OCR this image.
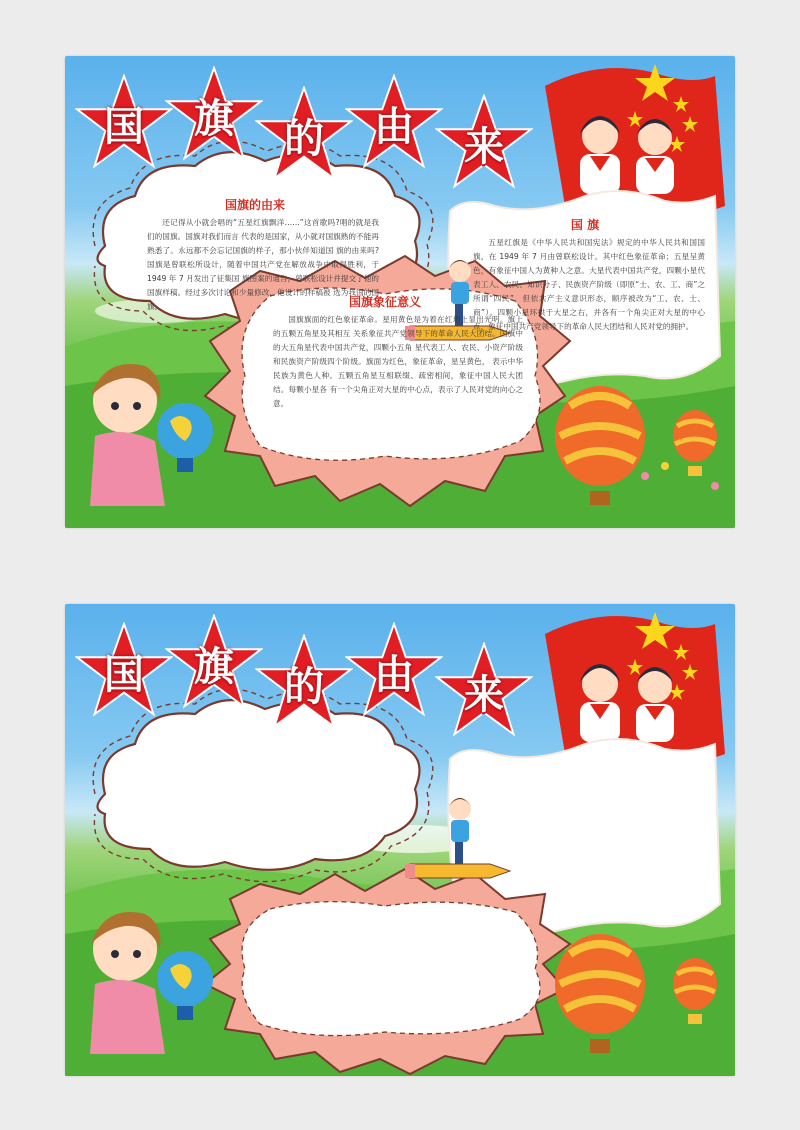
国	旗	的	由	来
国旗的由来
还记得从小就会唱的“五星红旗飘洋……”这首歌吗?唱的就是我们的国旗。国旗对我们而言 代表的是国家，从小就对国旗熟的不能再熟悉了。永远都不会忘记国旗的样子，那小伙伴知道国 旗的由来吗?国旗是曾联松所设计，随着中国共产党在解放战争中取得胜利，于 1949 年 7 月发出了征集国 旗图案的通告，曾联松设计并提交了他的国旗样稿。经过多次讨论和少量修改，他设计的样稿被 选为我国的国旗。
国 旗
五星红旗是《中华人民共和国宪法》规定的中华人民共和国国旗，在 1949 年 7 月由曾联松设计。其中红色象征革命；五星呈黄色，有象征中国人为黄种人之意。大星代表中国共产党，四颗小星代表工人、农民、知识分子、民族资产阶级（即原“士、农、工、商”之所谓“四民”，但依共产主义意识形态，顺序被改为“工、农、士、商”）。四颗小星环拱于大星之右，并各有一个角尖正对大星的中心点，象征中国共产党领导下的革命人民大团结和人民对党的拥护。
国旗象征意义
国旗旗面的红色象征革命。星用黄色是为着在红地上显出光明。旗上的五颗五角星及其相互 关系象征共产党领导下的革命人民大团结。国旗中的大五角星代表中国共产党，四颗小五角 星代表工人、农民、小资产阶级和民族资产阶级四个阶级。旗面为红色，象征革命，星呈黄色， 表示中华民族为黄色人种。五颗五角星互相联缀、疏密相间，象征中国人民大团结。每颗小星各 有一个尖角正对大星的中心点，表示了人民对党的向心之意。
国	旗	的	由	来
